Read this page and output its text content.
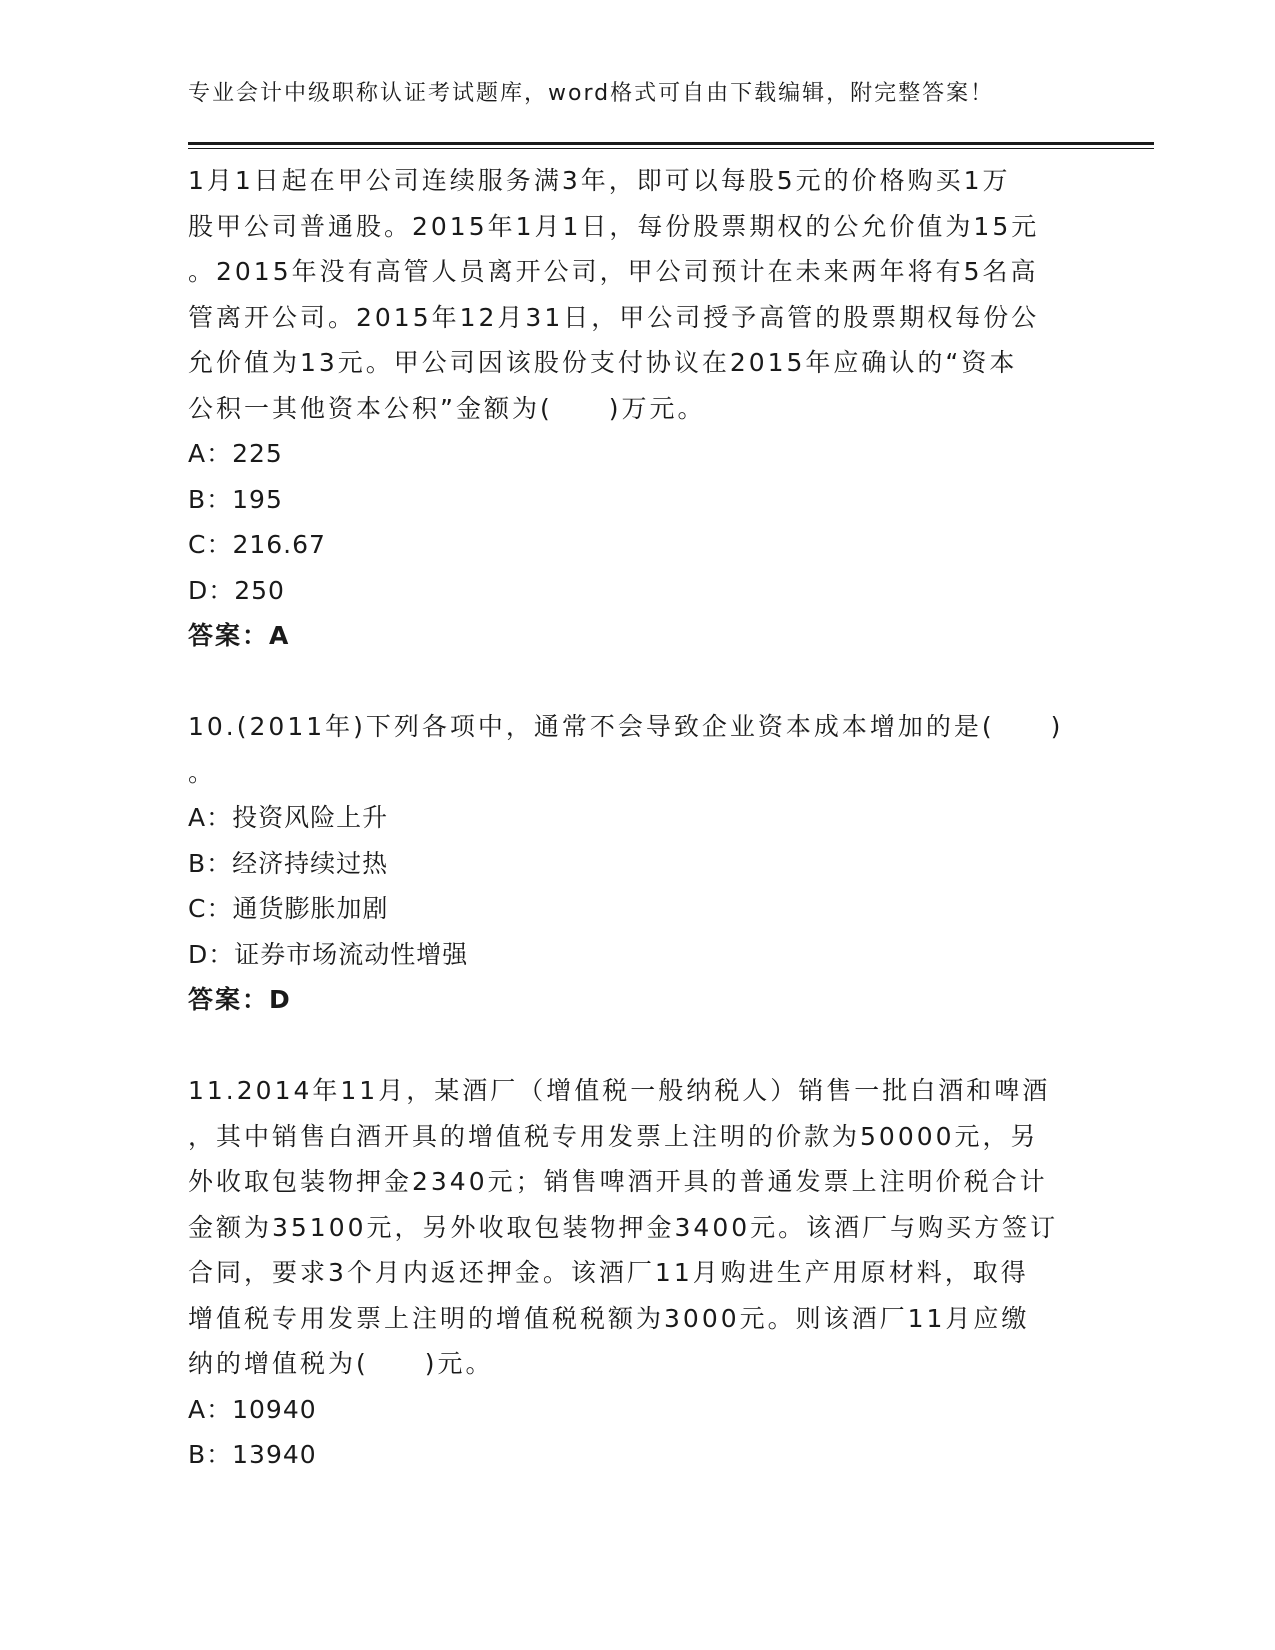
专业会计中级职称认证考试题库，word格式可自由下载编辑，附完整答案！

1月1日起在甲公司连续服务满3年，即可以每股5元的价格购买1万

股甲公司普通股。2015年1月1日，每份股票期权的公允价值为15元

。2015年没有高管人员离开公司，甲公司预计在未来两年将有5名高

管离开公司。2015年12月31日，甲公司授予高管的股票期权每份公

允价值为13元。甲公司因该股份支付协议在2015年应确认的“资本

公积一其他资本公积”金额为(　　)万元。

A：225

B：195

C：216.67

D：250

答案：A

10.(2011年)下列各项中，通常不会导致企业资本成本增加的是(　　)

。

A：投资风险上升

B：经济持续过热

C：通货膨胀加剧

D：证券市场流动性增强

答案：D

11.2014年11月，某酒厂（增值税一般纳税人）销售一批白酒和啤酒

，其中销售白酒开具的增值税专用发票上注明的价款为50000元，另

外收取包装物押金2340元；销售啤酒开具的普通发票上注明价税合计

金额为35100元，另外收取包装物押金3400元。该酒厂与购买方签订

合同，要求3个月内返还押金。该酒厂11月购进生产用原材料，取得

增值税专用发票上注明的增值税税额为3000元。则该酒厂11月应缴

纳的增值税为(　　)元。

A：10940

B：13940
